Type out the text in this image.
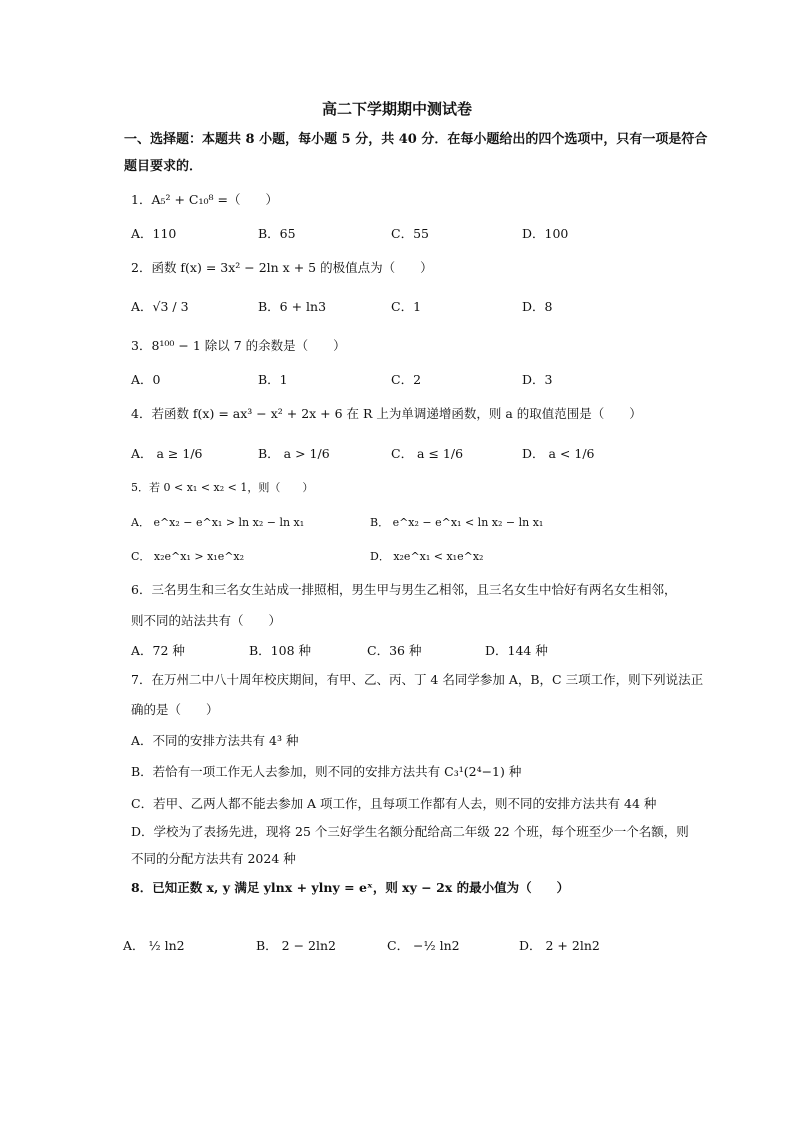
高二下学期期中测试卷
一、选择题：本题共 8 小题，每小题 5 分，共 40 分．在每小题给出的四个选项中，只有一项是符合
题目要求的．
1．A₅² + C₁₀⁸ =（　　）
A．110	B．65	C．55	D．100
2．函数 f(x) = 3x² − 2ln x + 5 的极值点为（　　）
A．√3 / 3	B．6 + ln3	C．1	D．8
3．8¹⁰⁰ − 1 除以 7 的余数是（　　）
A．0	B．1	C．2	D．3
4．若函数 f(x) = ax³ − x² + 2x + 6 在 R 上为单调递增函数，则 a 的取值范围是（　　）
A． a ≥ 1/6	B． a > 1/6	C． a ≤ 1/6	D． a < 1/6
5．若 0 < x₁ < x₂ < 1，则（　　）
A． e^x₂ − e^x₁ > ln x₂ − ln x₁	B． e^x₂ − e^x₁ < ln x₂ − ln x₁
C． x₂e^x₁ > x₁e^x₂	D． x₂e^x₁ < x₁e^x₂
6．三名男生和三名女生站成一排照相，男生甲与男生乙相邻，且三名女生中恰好有两名女生相邻，
则不同的站法共有（　　）
A．72 种	B．108 种	C．36 种	D．144 种
7．在万州二中八十周年校庆期间，有甲、乙、丙、丁 4 名同学参加 A，B，C 三项工作，则下列说法正
确的是（　　）
A．不同的安排方法共有 4³ 种
B．若恰有一项工作无人去参加，则不同的安排方法共有 C₃¹(2⁴−1) 种
C．若甲、乙两人都不能去参加 A 项工作，且每项工作都有人去，则不同的安排方法共有 44 种
D．学校为了表扬先进，现将 25 个三好学生名额分配给高二年级 22 个班，每个班至少一个名额，则
不同的分配方法共有 2024 种
8．已知正数 x, y 满足 ylnx + ylny = eˣ，则 xy − 2x 的最小值为（　　）
A． ½ ln2	B． 2 − 2ln2	C． −½ ln2	D． 2 + 2ln2
